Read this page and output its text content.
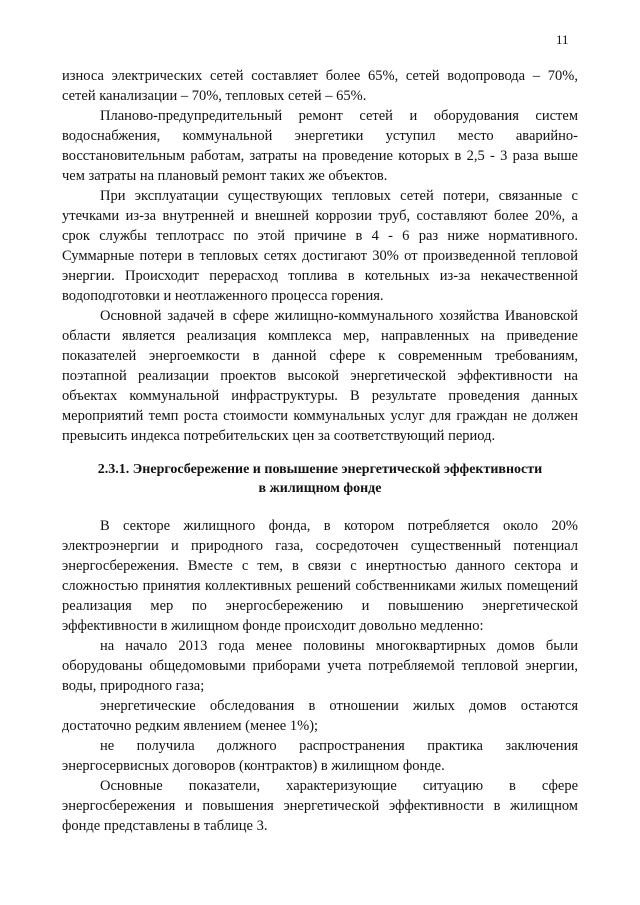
11

износа электрических сетей составляет более 65%, сетей водопровода – 70%, сетей канализации – 70%, тепловых сетей – 65%.

Планово-предупредительный ремонт сетей и оборудования систем водоснабжения, коммунальной энергетики уступил место аварийно-восстановительным работам, затраты на проведение которых в 2,5 - 3 раза выше чем затраты на плановый ремонт таких же объектов.

При эксплуатации существующих тепловых сетей потери, связанные с утечками из-за внутренней и внешней коррозии труб, составляют более 20%, а срок службы теплотрасс по этой причине в 4 - 6 раз ниже нормативного. Суммарные потери в тепловых сетях достигают 30% от произведенной тепловой энергии. Происходит перерасход топлива в котельных из-за некачественной водоподготовки и неотлаженного процесса горения.

Основной задачей в сфере жилищно-коммунального хозяйства Ивановской области является реализация комплекса мер, направленных на приведение показателей энергоемкости в данной сфере к современным требованиям, поэтапной реализации проектов высокой энергетической эффективности на объектах коммунальной инфраструктуры. В результате проведения данных мероприятий темп роста стоимости коммунальных услуг для граждан не должен превысить индекса потребительских цен за соответствующий период.

2.3.1. Энергосбережение и повышение энергетической эффективности
в жилищном фонде

В секторе жилищного фонда, в котором потребляется около 20% электроэнергии и природного газа, сосредоточен существенный потенциал энергосбережения. Вместе с тем, в связи с инертностью данного сектора и сложностью принятия коллективных решений собственниками жилых помещений реализация мер по энергосбережению и повышению энергетической эффективности в жилищном фонде происходит довольно медленно:

на начало 2013 года менее половины многоквартирных домов были оборудованы общедомовыми приборами учета потребляемой тепловой энергии, воды, природного газа;

энергетические обследования в отношении жилых домов остаются достаточно редким явлением (менее 1%);

не получила должного распространения практика заключения энергосервисных договоров (контрактов) в жилищном фонде.

Основные показатели, характеризующие ситуацию в сфере энергосбережения и повышения энергетической эффективности в жилищном фонде представлены в таблице 3.
